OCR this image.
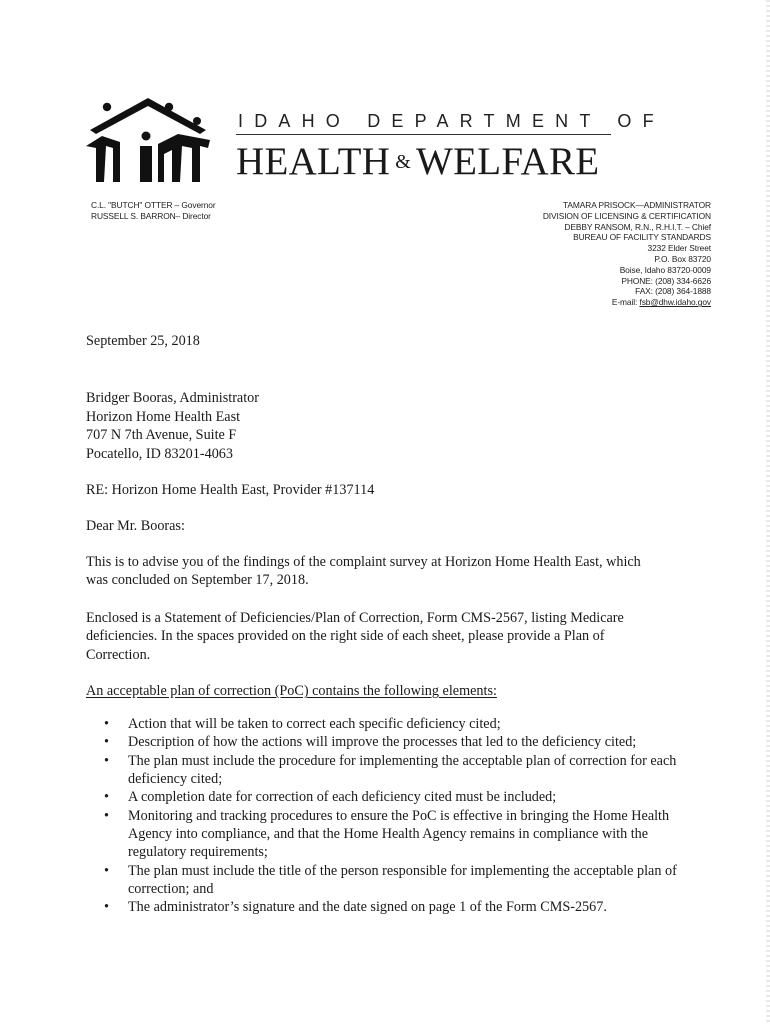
IDAHO DEPARTMENT OF
HEALTH & WELFARE
C.L. "BUTCH" OTTER – Governor
RUSSELL S. BARRON– Director
TAMARA PRISOCK—ADMINISTRATOR
DIVISION OF LICENSING & CERTIFICATION
DEBBY RANSOM, R.N., R.H.I.T. – Chief
BUREAU OF FACILITY STANDARDS
3232 Elder Street
P.O. Box 83720
Boise, Idaho 83720-0009
PHONE: (208) 334-6626
FAX: (208) 364-1888
E-mail: fsb@dhw.idaho.gov
September 25, 2018
Bridger Booras, Administrator
Horizon Home Health East
707 N 7th Avenue, Suite F
Pocatello, ID 83201-4063
RE: Horizon Home Health East, Provider #137114
Dear Mr. Booras:
This is to advise you of the findings of the complaint survey at Horizon Home Health East, which was concluded on September 17, 2018.
Enclosed is a Statement of Deficiencies/Plan of Correction, Form CMS-2567, listing Medicare deficiencies. In the spaces provided on the right side of each sheet, please provide a Plan of Correction.
An acceptable plan of correction (PoC) contains the following elements:
• Action that will be taken to correct each specific deficiency cited;
• Description of how the actions will improve the processes that led to the deficiency cited;
• The plan must include the procedure for implementing the acceptable plan of correction for each deficiency cited;
• A completion date for correction of each deficiency cited must be included;
• Monitoring and tracking procedures to ensure the PoC is effective in bringing the Home Health Agency into compliance, and that the Home Health Agency remains in compliance with the regulatory requirements;
• The plan must include the title of the person responsible for implementing the acceptable plan of correction; and
• The administrator’s signature and the date signed on page 1 of the Form CMS-2567.
